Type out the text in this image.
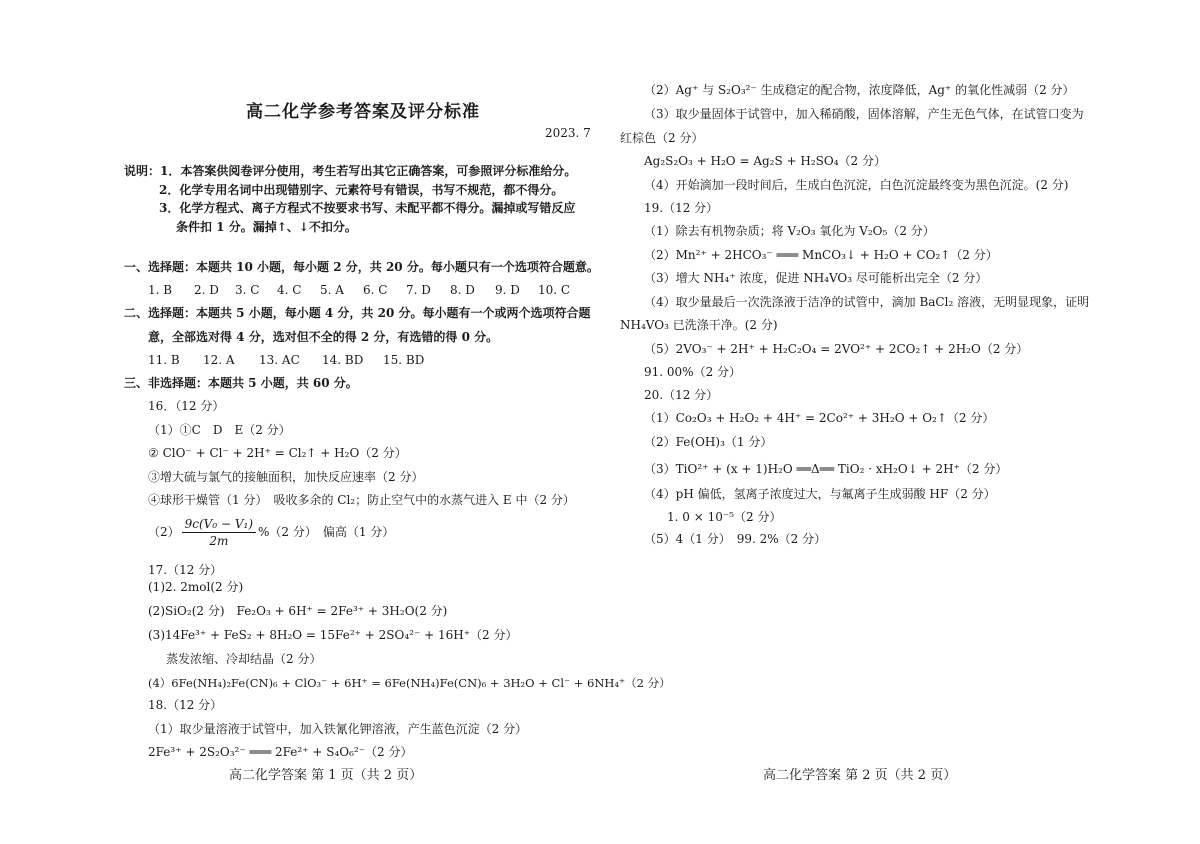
高二化学参考答案及评分标准
2023. 7
说明：1．本答案供阅卷评分使用，考生若写出其它正确答案，可参照评分标准给分。
2．化学专用名词中出现错别字、元素符号有错误，书写不规范，都不得分。
3．化学方程式、离子方程式不按要求书写、未配平都不得分。漏掉或写错反应
条件扣 1 分。漏掉↑、↓不扣分。
一、选择题：本题共 10 小题，每小题 2 分，共 20 分。每小题只有一个选项符合题意。
1. B 2. D 3. C 4. C 5. A 6. C 7. D 8. D 9. D 10. C
二、选择题：本题共 5 小题，每小题 4 分，共 20 分。每小题有一个或两个选项符合题
意，全部选对得 4 分，选对但不全的得 2 分，有选错的得 0 分。
11. B 12. A 13. AC 14. BD 15. BD
三、非选择题：本题共 5 小题，共 60 分。
16．（12 分）
（1）①C　D　E（2 分）
② ClO⁻ + Cl⁻ + 2H⁺ = Cl₂↑ + H₂O（2 分）
③增大硫与氯气的接触面积，加快反应速率（2 分）
④球形干燥管（1 分）　吸收多余的 Cl₂；防止空气中的水蒸气进入 E 中（2 分）
$(2) \frac{\text{9c(V₀ − V₁)}}{2m} \%(2$ 分）　偏高（1 分）
17.（12 分）
(1)2. 2mol(2 分)
(2)SiO₂(2 分)　Fe₂O₃ + 6H⁺ = 2Fe³⁺ + 3H₂O(2 分)
(3)14Fe³⁺ + FeS₂ + 8H₂O = 15Fe²⁺ + 2SO₄²⁻ + 16H⁺（2 分）
蒸发浓缩、冷却结晶（2 分）
(4）6Fe(NH₄)₂Fe(CN)₆ + ClO₃⁻ + 6H⁺ = 6Fe(NH₄)Fe(CN)₆ + 3H₂O + Cl⁻ + 6NH₄⁺（2 分）
18.（12 分）
（1）取少量溶液于试管中，加入铁氰化钾溶液，产生蓝色沉淀（2 分）
2Fe³⁺ + 2S₂O₃²⁻ ═══ 2Fe²⁺ + S₄O₆²⁻（2 分）
高二化学答案 第 1 页（共 2 页）
（2）Ag⁺ 与 S₂O₃²⁻ 生成稳定的配合物，浓度降低，Ag⁺ 的氧化性减弱（2 分）
（3）取少量固体于试管中，加入稀硝酸，固体溶解，产生无色气体，在试管口变为
红棕色（2 分）
Ag₂S₂O₃ + H₂O = Ag₂S + H₂SO₄（2 分）
（4）开始滴加一段时间后，生成白色沉淀，白色沉淀最终变为黑色沉淀。(2 分)
19.（12 分）
（1）除去有机物杂质；将 V₂O₃ 氧化为 V₂O₅（2 分）
（2）Mn²⁺ + 2HCO₃⁻ ═══ MnCO₃↓ + H₂O + CO₂↑（2 分）
（3）增大 NH₄⁺ 浓度，促进 NH₄VO₃ 尽可能析出完全（2 分）
（4）取少量最后一次洗涤液于洁净的试管中，滴加 BaCl₂ 溶液，无明显现象，证明
NH₄VO₃ 已洗涤干净。(2 分)
（5）2VO₃⁻ + 2H⁺ + H₂C₂O₄ = 2VO²⁺ + 2CO₂↑ + 2H₂O（2 分）
91. 00%（2 分）
20.（12 分）
（1）Co₂O₃ + H₂O₂ + 4H⁺ = 2Co²⁺ + 3H₂O + O₂↑（2 分）
（2）Fe(OH)₃（1 分）
（3）TiO²⁺ + (x + 1)H₂O ══Δ══ TiO₂ · xH₂O↓ + 2H⁺（2 分）
（4）pH 偏低，氢离子浓度过大，与氟离子生成弱酸 HF（2 分）
1. 0 × 10⁻⁵（2 分）
（5）4（1 分）　99. 2%（2 分）
高二化学答案 第 2 页（共 2 页）
